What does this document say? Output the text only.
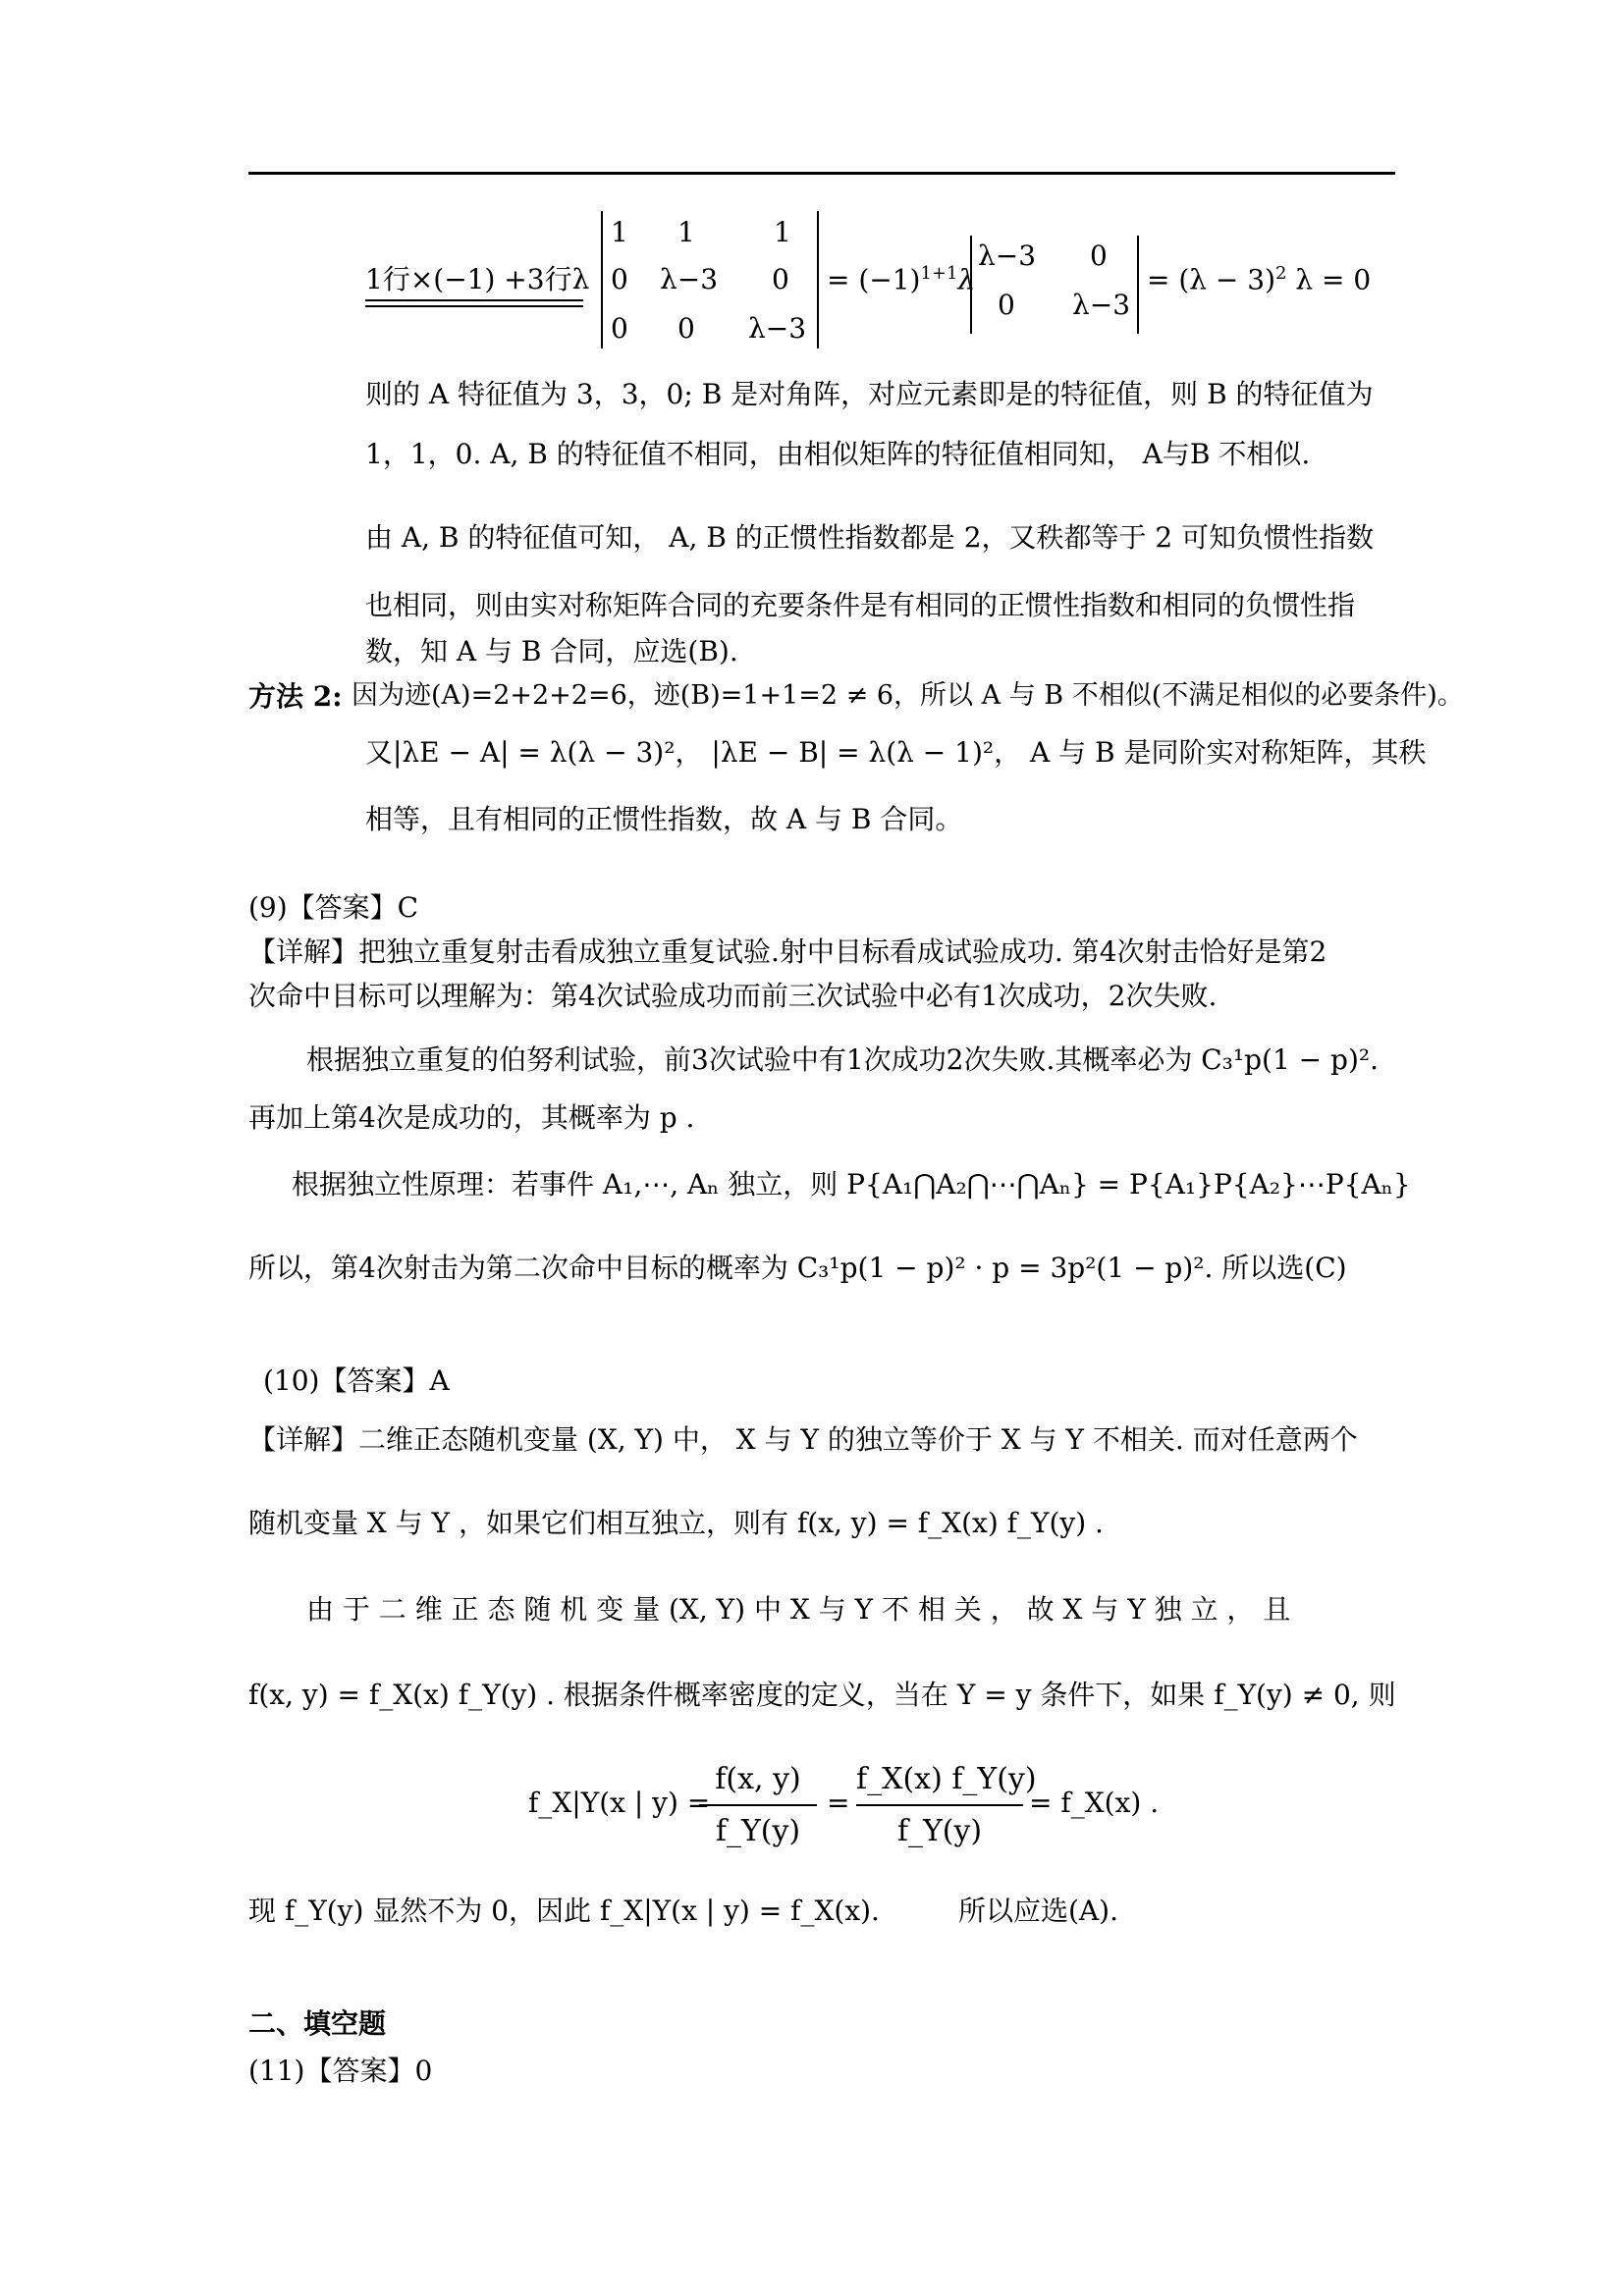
1行×(−1) +3行λ
1 1	1
0 λ−3 0
0 0 λ−3
= $(-1)^{1+1}\lambda$
λ−3 0
0 λ−3
= $(\lambda - 3)^2$ λ = 0
则的 A 特征值为 3，3，0; B 是对角阵，对应元素即是的特征值，则 B 的特征值为
1，1，0. A, B 的特征值不相同，由相似矩阵的特征值相同知， A与B 不相似.
由 A, B 的特征值可知， A, B 的正惯性指数都是 2，又秩都等于 2 可知负惯性指数
也相同，则由实对称矩阵合同的充要条件是有相同的正惯性指数和相同的负惯性指
数，知 A 与 B 合同，应选(B).
方法 2: 因为迹(A)=2+2+2=6，迹(B)=1+1=2 ≠ 6，所以 A 与 B 不相似(不满足相似的必要条件)。
又|λE − A| = λ(λ − 3)²， |λE − B| = λ(λ − 1)²， A 与 B 是同阶实对称矩阵，其秩
相等，且有相同的正惯性指数，故 A 与 B 合同。
(9)【答案】C
【详解】把独立重复射击看成独立重复试验.射中目标看成试验成功. 第4次射击恰好是第2
次命中目标可以理解为：第4次试验成功而前三次试验中必有1次成功，2次失败.
根据独立重复的伯努利试验，前3次试验中有1次成功2次失败.其概率必为 C₃¹p(1 − p)².
再加上第4次是成功的，其概率为 p .
根据独立性原理：若事件 A₁,⋯, Aₙ 独立，则 P{A₁⋂A₂⋂⋯⋂Aₙ} = P{A₁}P{A₂}⋯P{Aₙ}
所以，第4次射击为第二次命中目标的概率为 C₃¹p(1 − p)² · p = 3p²(1 − p)². 所以选(C)
(10)【答案】A
【详解】二维正态随机变量 (X, Y) 中， X 与 Y 的独立等价于 X 与 Y 不相关. 而对任意两个
随机变量 X 与 Y ，如果它们相互独立，则有 f(x, y) = f_X(x) f_Y(y) .
由 于 二 维 正 态 随 机 变 量 (X, Y) 中 X 与 Y 不 相 关 ， 故 X 与 Y 独 立 ， 且
f(x, y) = f_X(x) f_Y(y) . 根据条件概率密度的定义，当在 Y = y 条件下，如果 f_Y(y) ≠ 0, 则
f_X|Y(x | y) =
f(x, y)
f_Y(y)
=
f_X(x) f_Y(y)
f_Y(y)
= f_X(x) .
现 f_Y(y) 显然不为 0，因此 f_X|Y(x | y) = f_X(x).	所以应选(A).
二、填空题
(11)【答案】0
